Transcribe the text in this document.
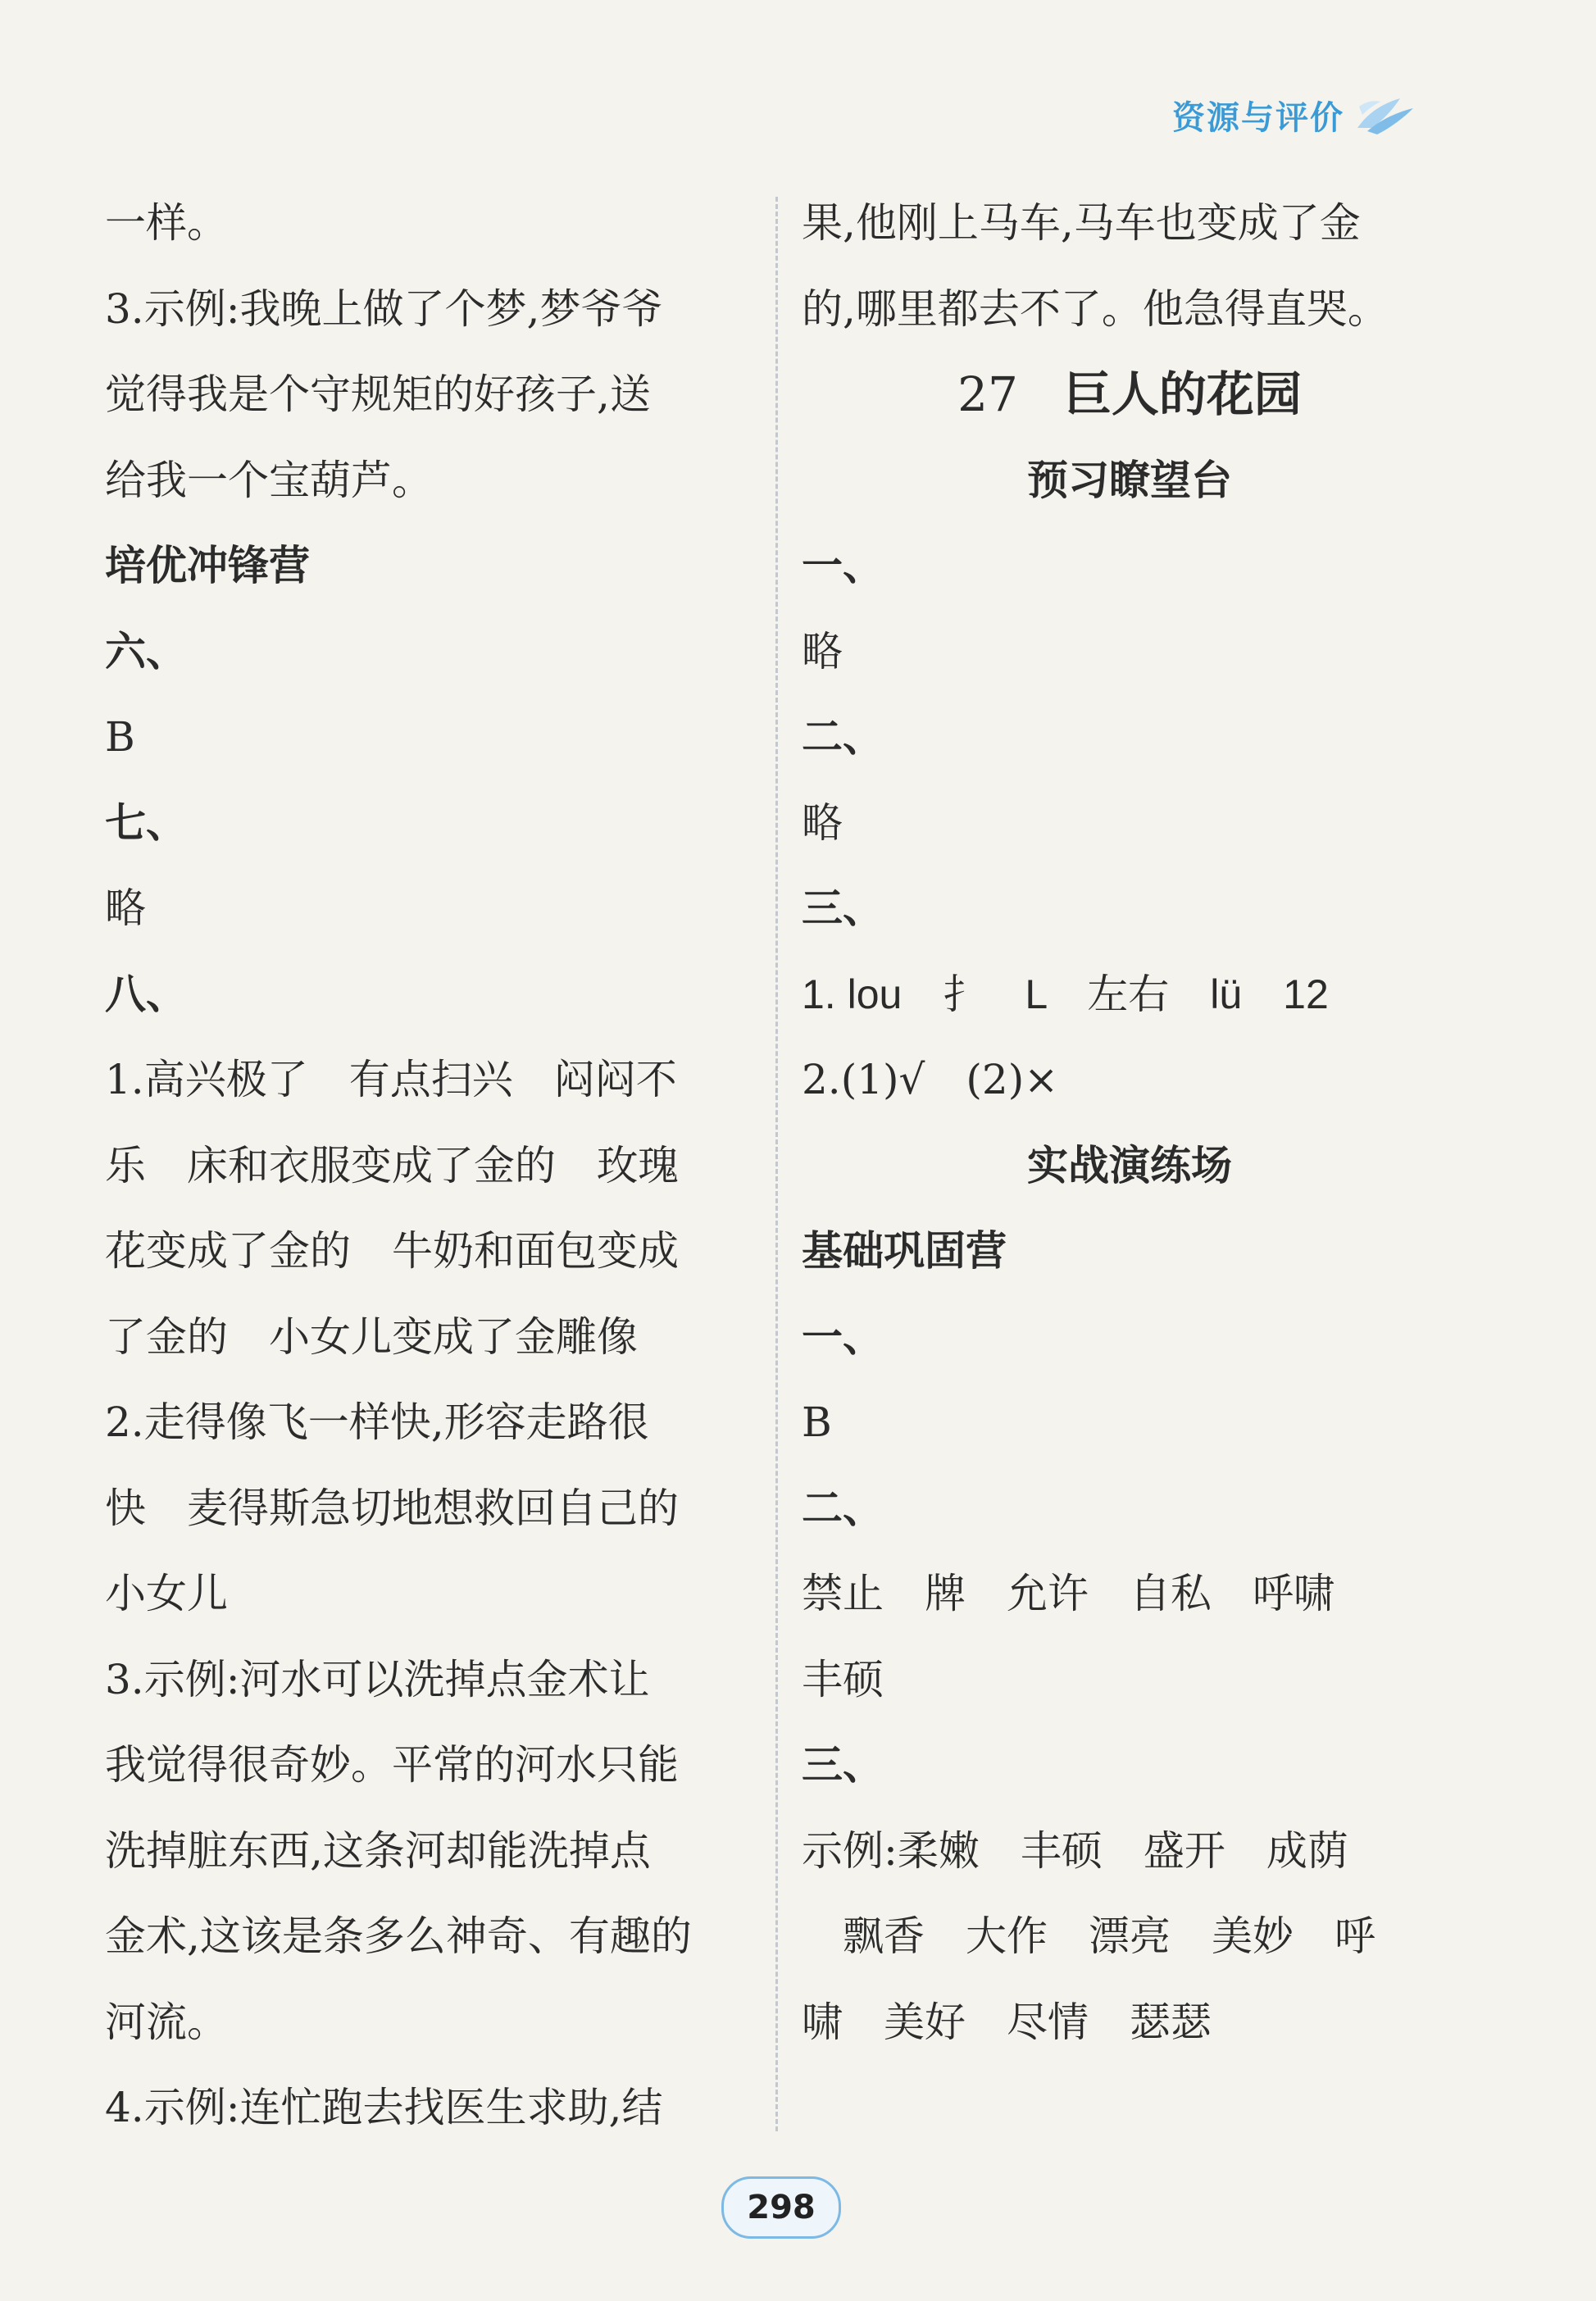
资源与评价
一样。
3.示例:我晚上做了个梦,梦爷爷
觉得我是个守规矩的好孩子,送
给我一个宝葫芦。
培优冲锋营
六、
B
七、
略
八、
1.高兴极了　有点扫兴　闷闷不
乐　床和衣服变成了金的　玫瑰
花变成了金的　牛奶和面包变成
了金的　小女儿变成了金雕像
2.走得像飞一样快,形容走路很
快　麦得斯急切地想救回自己的
小女儿
3.示例:河水可以洗掉点金术让
我觉得很奇妙。平常的河水只能
洗掉脏东西,这条河却能洗掉点
金术,这该是条多么神奇、有趣的
河流。
4.示例:连忙跑去找医生求助,结
果,他刚上马车,马车也变成了金
的,哪里都去不了。他急得直哭。
27 巨人的花园
预习瞭望台
一、
略
二、
略
三、
1. lou　扌　L　左右　lü　12
2.(1)√　(2)×
实战演练场
基础巩固营
一、
B
二、
禁止　牌　允许　自私　呼啸
丰硕
三、
示例:柔嫩　丰硕　盛开　成荫
　飘香　大作　漂亮　美妙　呼
啸　美好　尽情　瑟瑟
298
